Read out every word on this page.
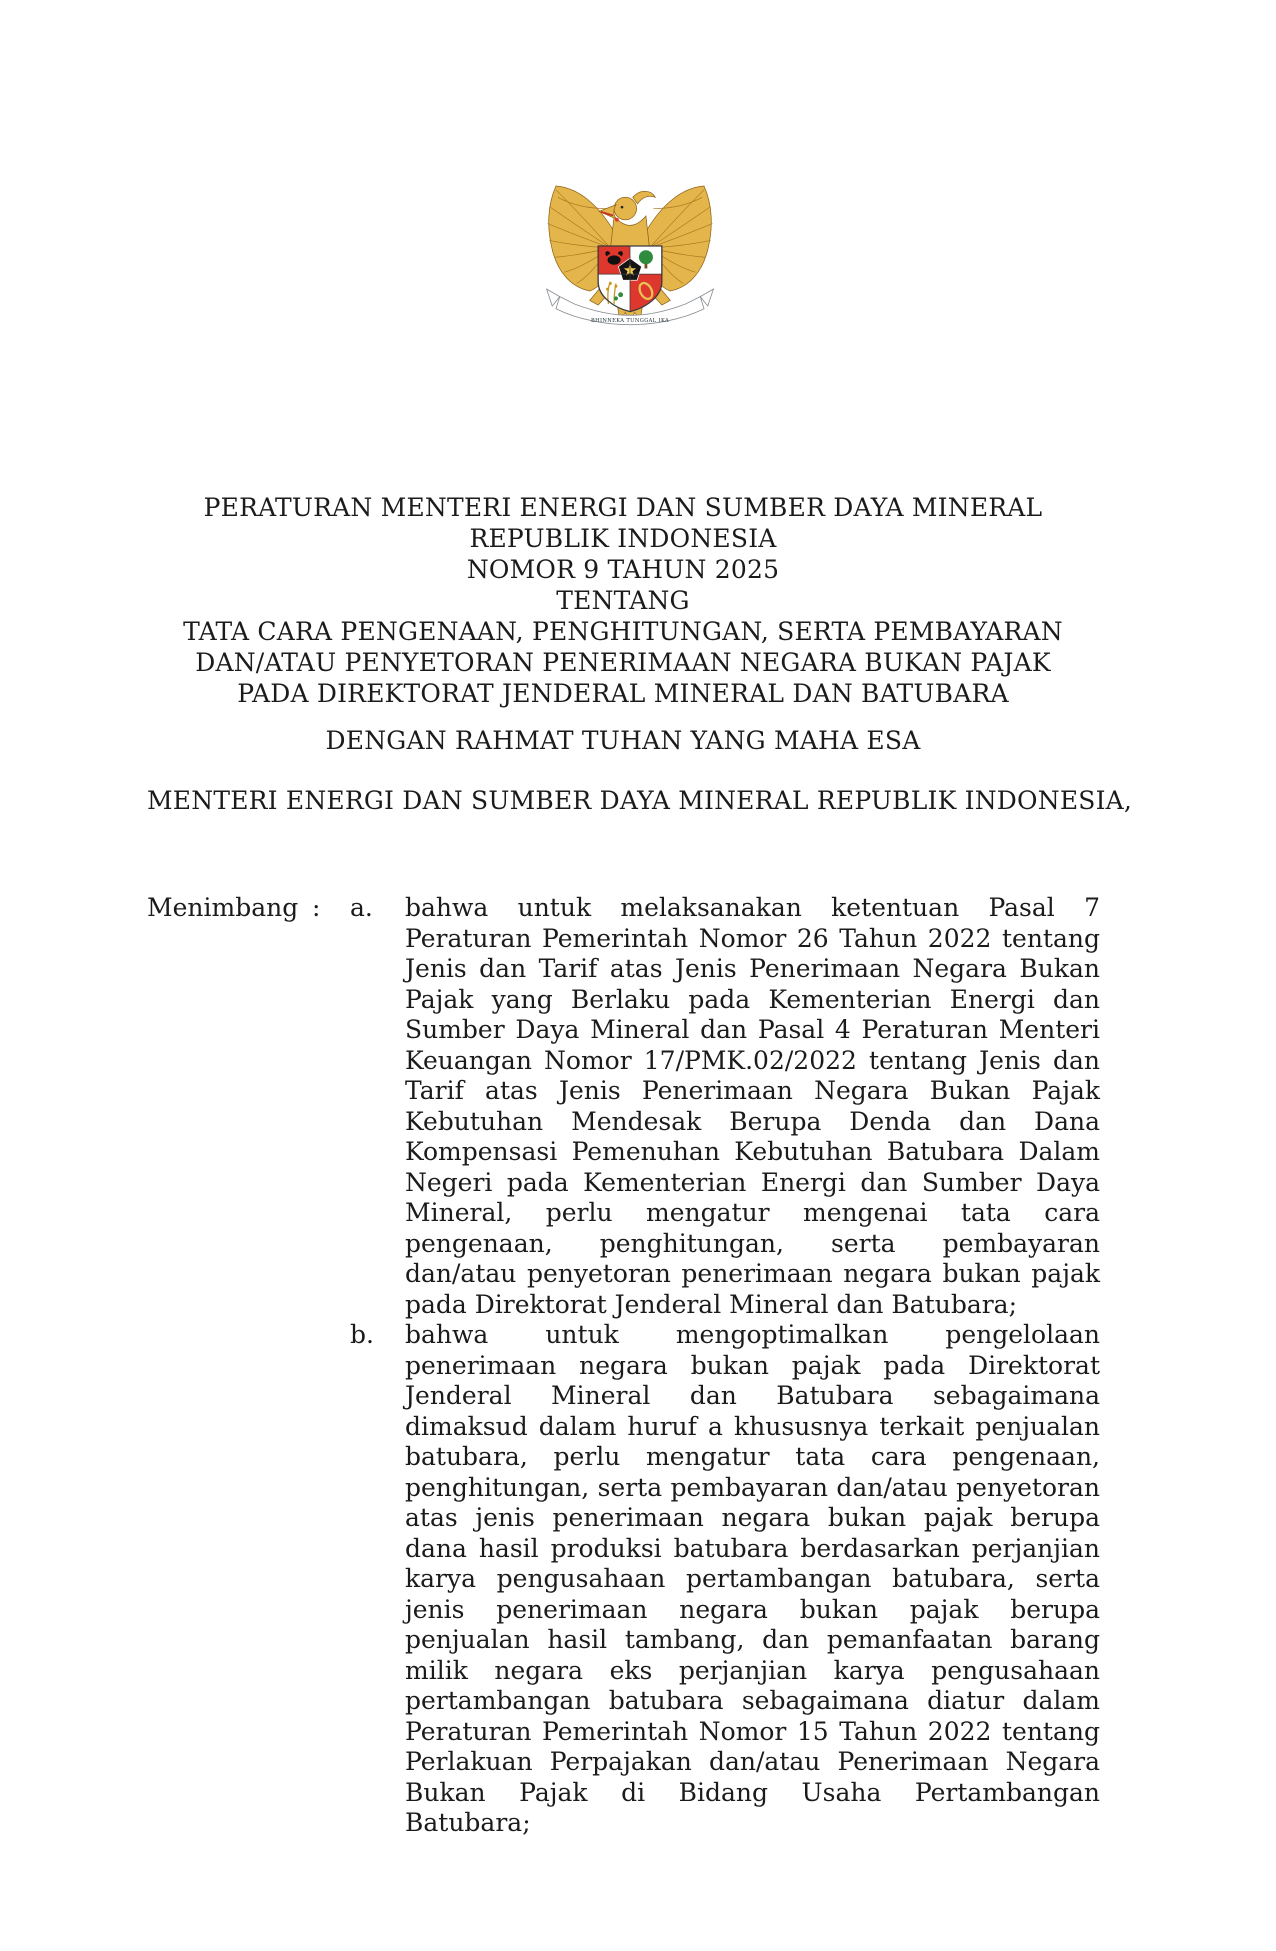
BHINNEKA TUNGGAL IKA
PERATURAN MENTERI ENERGI DAN SUMBER DAYA MINERAL
REPUBLIK INDONESIA
NOMOR 9 TAHUN 2025
TENTANG
TATA CARA PENGENAAN, PENGHITUNGAN, SERTA PEMBAYARAN
DAN/ATAU PENYETORAN PENERIMAAN NEGARA BUKAN PAJAK
PADA DIREKTORAT JENDERAL MINERAL DAN BATUBARA
DENGAN RAHMAT TUHAN YANG MAHA ESA
MENTERI ENERGI DAN SUMBER DAYA MINERAL REPUBLIK INDONESIA,
Menimbang :	a.	bahwa untuk melaksanakan ketentuan Pasal 7 Peraturan Pemerintah Nomor 26 Tahun 2022 tentang Jenis dan Tarif atas Jenis Penerimaan Negara Bukan Pajak yang Berlaku pada Kementerian Energi dan Sumber Daya Mineral dan Pasal 4 Peraturan Menteri Keuangan Nomor 17/PMK.02/2022 tentang Jenis dan Tarif atas Jenis Penerimaan Negara Bukan Pajak Kebutuhan Mendesak Berupa Denda dan Dana Kompensasi Pemenuhan Kebutuhan Batubara Dalam Negeri pada Kementerian Energi dan Sumber Daya Mineral, perlu mengatur mengenai tata cara pengenaan, penghitungan, serta pembayaran dan/atau penyetoran penerimaan negara bukan pajak pada Direktorat Jenderal Mineral dan Batubara;
b.	bahwa untuk mengoptimalkan pengelolaan penerimaan negara bukan pajak pada Direktorat Jenderal Mineral dan Batubara sebagaimana dimaksud dalam huruf a khususnya terkait penjualan batubara, perlu mengatur tata cara pengenaan, penghitungan, serta pembayaran dan/atau penyetoran atas jenis penerimaan negara bukan pajak berupa dana hasil produksi batubara berdasarkan perjanjian karya pengusahaan pertambangan batubara, serta jenis penerimaan negara bukan pajak berupa penjualan hasil tambang, dan pemanfaatan barang milik negara eks perjanjian karya pengusahaan pertambangan batubara sebagaimana diatur dalam Peraturan Pemerintah Nomor 15 Tahun 2022 tentang Perlakuan Perpajakan dan/atau Penerimaan Negara Bukan Pajak di Bidang Usaha Pertambangan Batubara;
